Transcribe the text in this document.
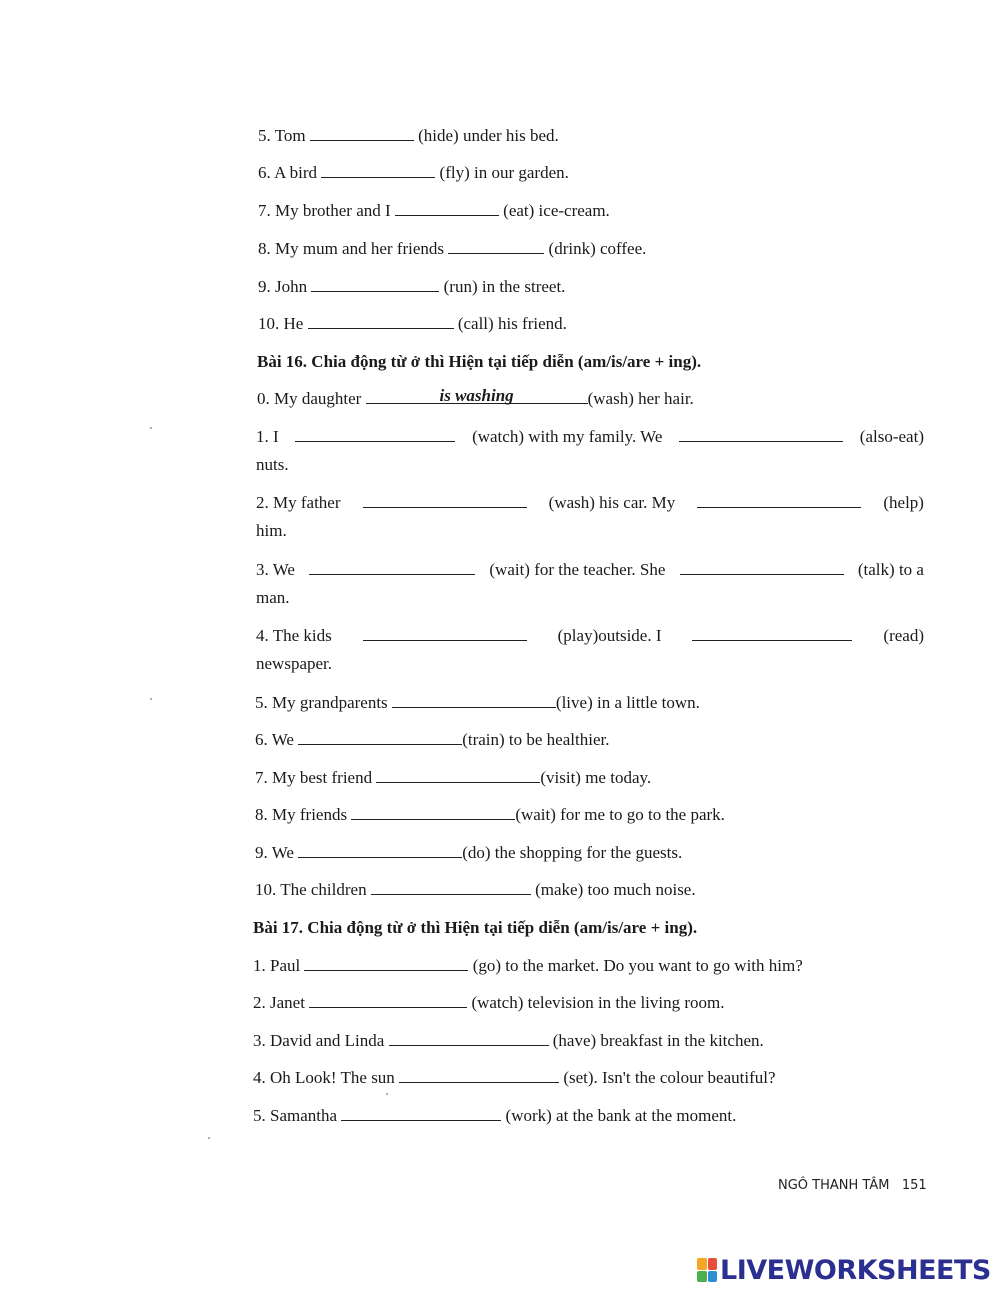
5. Tom	(hide) under his bed.
6. A bird	(fly) in our garden.
7. My brother and I	(eat) ice-cream.
8. My mum and her friends	(drink) coffee.
9. John	(run) in the street.
10. He	(call) his friend.
Bài 16. Chia động từ ở thì Hiện tại tiếp diễn (am/is/are + ing).
0. My daughter	is washing	(wash) her hair.
1. I	(watch) with my family. We	(also-eat)
nuts.
2. My father	(wash) his car. My	(help)
him.
3. We	(wait) for the teacher. She	(talk) to a
man.
4. The kids	(play)outside. I	(read)
newspaper.
5. My grandparents	(live) in a little town.
6. We	(train) to be healthier.
7. My best friend	(visit) me today.
8. My friends	(wait) for me to go to the park.
9. We	(do) the shopping for the guests.
10. The children	(make) too much noise.
Bài 17. Chia động từ ở thì Hiện tại tiếp diễn (am/is/are + ing).
1. Paul	(go) to the market. Do you want to go with him?
2. Janet	(watch) television in the living room.
3. David and Linda	(have) breakfast in the kitchen.
4. Oh Look! The sun	(set). Isn't the colour beautiful?
5. Samantha	(work) at the bank at the moment.
NGÔ THANH TÂM 151
LIVEWORKSHEETS
